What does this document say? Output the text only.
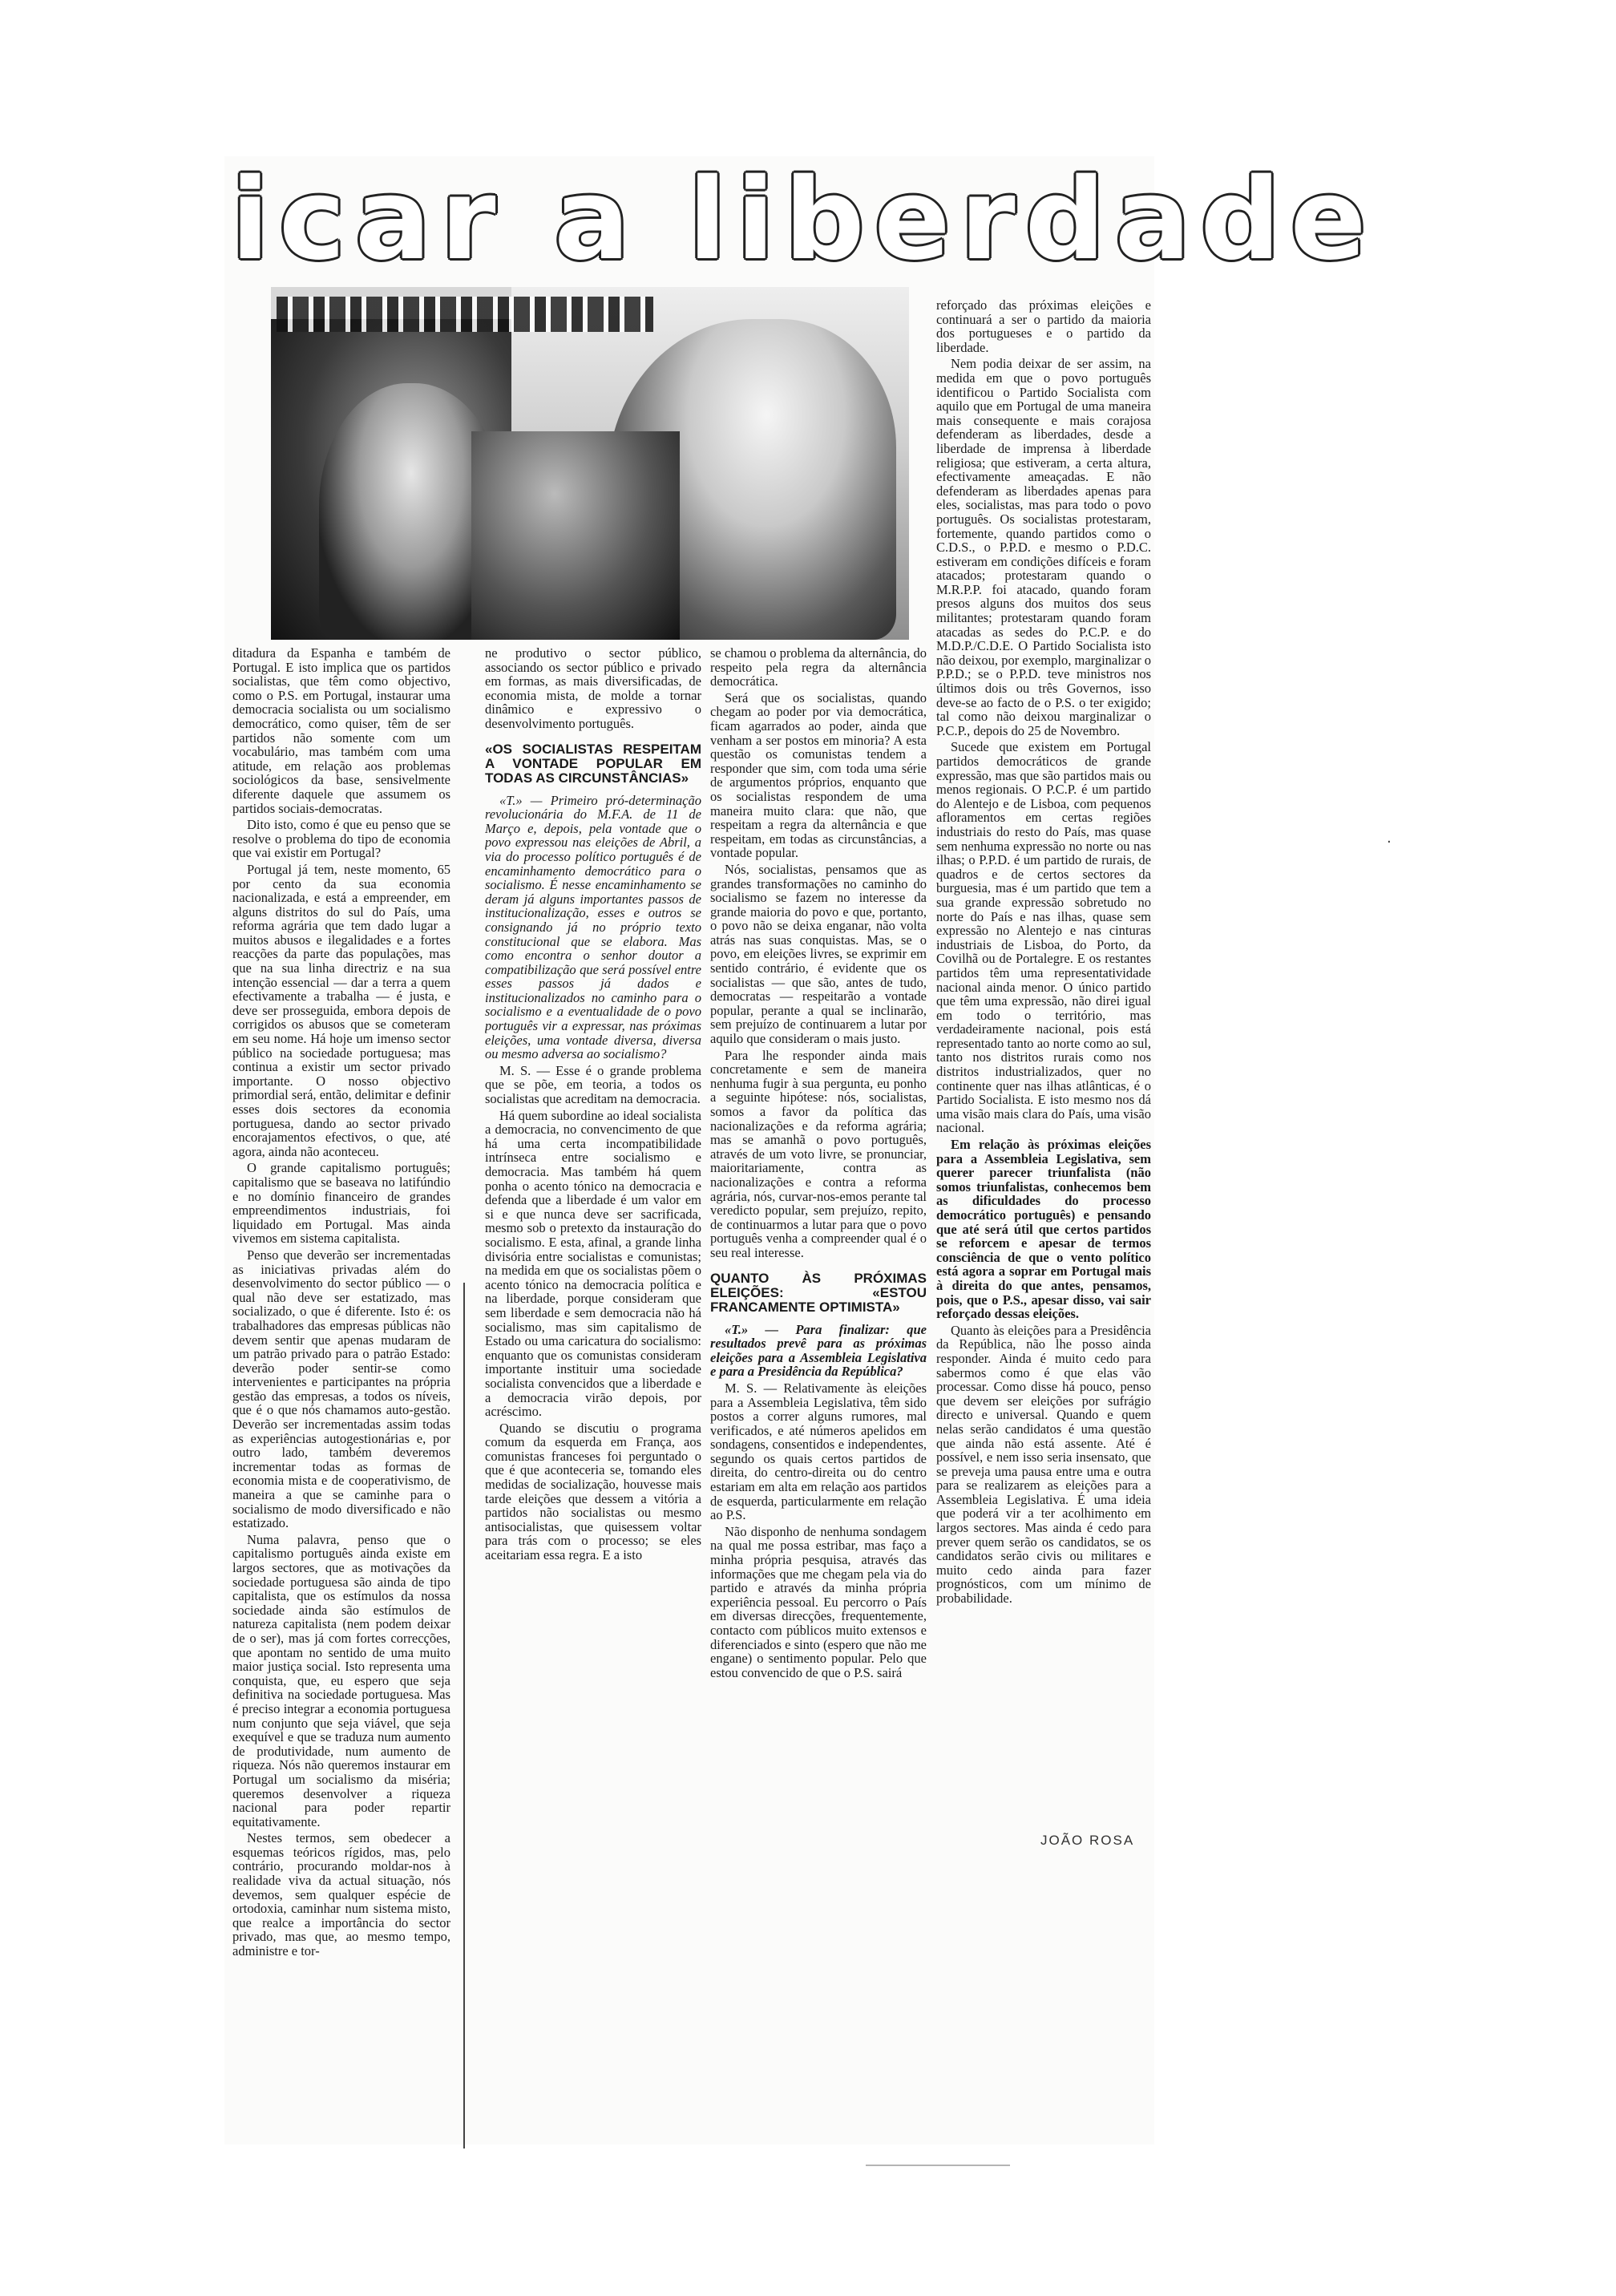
icar a liberdade

ditadura da Espanha e também de Portugal. E isto implica que os partidos socialistas, que têm como objectivo, como o P.S. em Portugal, instaurar uma democracia socialista ou um socialismo democrático, como quiser, têm de ser partidos não somente com um vocabulário, mas também com uma atitude, em relação aos problemas sociológicos da base, sensivelmente diferente daquele que assumem os partidos sociais-democratas.

Dito isto, como é que eu penso que se resolve o problema do tipo de economia que vai existir em Portugal?

Portugal já tem, neste momento, 65 por cento da sua economia nacionalizada, e está a empreender, em alguns distritos do sul do País, uma reforma agrária que tem dado lugar a muitos abusos e ilegalidades e a fortes reacções da parte das populações, mas que na sua linha directriz e na sua intenção essencial — dar a terra a quem efectivamente a trabalha — é justa, e deve ser prosseguida, embora depois de corrigidos os abusos que se cometeram em seu nome. Há hoje um imenso sector público na sociedade portuguesa; mas continua a existir um sector privado importante. O nosso objectivo primordial será, então, delimitar e definir esses dois sectores da economia portuguesa, dando ao sector privado encorajamentos efectivos, o que, até agora, ainda não aconteceu.

O grande capitalismo português; capitalismo que se baseava no latifúndio e no domínio financeiro de grandes empreendimentos industriais, foi liquidado em Portugal. Mas ainda vivemos em sistema capitalista.

Penso que deverão ser incrementadas as iniciativas privadas além do desenvolvimento do sector público — o qual não deve ser estatizado, mas socializado, o que é diferente. Isto é: os trabalhadores das empresas públicas não devem sentir que apenas mudaram de um patrão privado para o patrão Estado: deverão poder sentir-se como intervenientes e participantes na própria gestão das empresas, a todos os níveis, que é o que nós chamamos auto-gestão. Deverão ser incrementadas assim todas as experiências autogestionárias e, por outro lado, também deveremos incrementar todas as formas de economia mista e de cooperativismo, de maneira a que se caminhe para o socialismo de modo diversificado e não estatizado.

Numa palavra, penso que o capitalismo português ainda existe em largos sectores, que as motivações da sociedade portuguesa são ainda de tipo capitalista, que os estímulos da nossa sociedade ainda são estímulos de natureza capitalista (nem podem deixar de o ser), mas já com fortes correcções, que apontam no sentido de uma muito maior justiça social. Isto representa uma conquista, que, eu espero que seja definitiva na sociedade portuguesa. Mas é preciso integrar a economia portuguesa num conjunto que seja viável, que seja exequível e que se traduza num aumento de produtividade, num aumento de riqueza. Nós não queremos instaurar em Portugal um socialismo da miséria; queremos desenvolver a riqueza nacional para poder repartir equitativamente.

Nestes termos, sem obedecer a esquemas teóricos rígidos, mas, pelo contrário, procurando moldar-nos à realidade viva da actual situação, nós devemos, sem qualquer espécie de ortodoxia, caminhar num sistema misto, que realce a importância do sector privado, mas que, ao mesmo tempo, administre e tor-

ne produtivo o sector público, associando os sector público e privado em formas, as mais diversificadas, de economia mista, de molde a tornar dinâmico e expressivo o desenvolvimento português.

«OS SOCIALISTAS RESPEITAM A VONTADE POPULAR EM TODAS AS CIRCUNSTÂNCIAS»

«T.» — Primeiro pró-determinação revolucionária do M.F.A. de 11 de Março e, depois, pela vontade que o povo expressou nas eleições de Abril, a via do processo político português é de encaminhamento democrático para o socialismo. É nesse encaminhamento se deram já alguns importantes passos de institucionalização, esses e outros se consignando já no próprio texto constitucional que se elabora. Mas como encontra o senhor doutor a compatibilização que será possível entre esses passos já dados e institucionalizados no caminho para o socialismo e a eventualidade de o povo português vir a expressar, nas próximas eleições, uma vontade diversa, diversa ou mesmo adversa ao socialismo?

M. S. — Esse é o grande problema que se põe, em teoria, a todos os socialistas que acreditam na democracia.

Há quem subordine ao ideal socialista a democracia, no convencimento de que há uma certa incompatibilidade intrínseca entre socialismo e democracia. Mas também há quem ponha o acento tónico na democracia e defenda que a liberdade é um valor em si e que nunca deve ser sacrificada, mesmo sob o pretexto da instauração do socialismo. E esta, afinal, a grande linha divisória entre socialistas e comunistas; na medida em que os socialistas põem o acento tónico na democracia política e na liberdade, porque consideram que sem liberdade e sem democracia não há socialismo, mas sim capitalismo de Estado ou uma caricatura do socialismo: enquanto que os comunistas consideram importante instituir uma sociedade socialista convencidos que a liberdade e a democracia virão depois, por acréscimo.

Quando se discutiu o programa comum da esquerda em França, aos comunistas franceses foi perguntado o que é que aconteceria se, tomando eles medidas de socialização, houvesse mais tarde eleições que dessem a vitória a partidos não socialistas ou mesmo antisocialistas, que quisessem voltar para trás com o processo; se eles aceitariam essa regra. E a isto

se chamou o problema da alternância, do respeito pela regra da alternância democrática.

Será que os socialistas, quando chegam ao poder por via democrática, ficam agarrados ao poder, ainda que venham a ser postos em minoria? A esta questão os comunistas tendem a responder que sim, com toda uma série de argumentos próprios, enquanto que os socialistas respondem de uma maneira muito clara: que não, que respeitam a regra da alternância e que respeitam, em todas as circunstâncias, a vontade popular.

Nós, socialistas, pensamos que as grandes transformações no caminho do socialismo se fazem no interesse da grande maioria do povo e que, portanto, o povo não se deixa enganar, não volta atrás nas suas conquistas. Mas, se o povo, em eleições livres, se exprimir em sentido contrário, é evidente que os socialistas — que são, antes de tudo, democratas — respeitarão a vontade popular, perante a qual se inclinarão, sem prejuízo de continuarem a lutar por aquilo que consideram o mais justo.

Para lhe responder ainda mais concretamente e sem de maneira nenhuma fugir à sua pergunta, eu ponho a seguinte hipótese: nós, socialistas, somos a favor da política das nacionalizações e da reforma agrária; mas se amanhã o povo português, através de um voto livre, se pronunciar, maioritariamente, contra as nacionalizações e contra a reforma agrária, nós, curvar-nos-emos perante tal veredicto popular, sem prejuízo, repito, de continuarmos a lutar para que o povo português venha a compreender qual é o seu real interesse.

QUANTO ÀS PRÓXIMAS ELEIÇÕES: «ESTOU FRANCAMENTE OPTIMISTA»

«T.» — Para finalizar: que resultados prevê para as próximas eleições para a Assembleia Legislativa e para a Presidência da República?

M. S. — Relativamente às eleições para a Assembleia Legislativa, têm sido postos a correr alguns rumores, mal verificados, e até números apelidos em sondagens, consentidos e independentes, segundo os quais certos partidos de direita, do centro-direita ou do centro estariam em alta em relação aos partidos de esquerda, particularmente em relação ao P.S.

Não disponho de nenhuma sondagem na qual me possa estribar, mas faço a minha própria pesquisa, através das informações que me chegam pela via do partido e através da minha própria experiência pessoal. Eu percorro o País em diversas direcções, frequentemente, contacto com públicos muito extensos e diferenciados e sinto (espero que não me engane) o sentimento popular. Pelo que estou convencido de que o P.S. sairá

reforçado das próximas eleições e continuará a ser o partido da maioria dos portugueses e o partido da liberdade.

Nem podia deixar de ser assim, na medida em que o povo português identificou o Partido Socialista com aquilo que em Portugal de uma maneira mais consequente e mais corajosa defenderam as liberdades, desde a liberdade de imprensa à liberdade religiosa; que estiveram, a certa altura, efectivamente ameaçadas. E não defenderam as liberdades apenas para eles, socialistas, mas para todo o povo português. Os socialistas protestaram, fortemente, quando partidos como o C.D.S., o P.P.D. e mesmo o P.D.C. estiveram em condições difíceis e foram atacados; protestaram quando o M.R.P.P. foi atacado, quando foram presos alguns dos muitos dos seus militantes; protestaram quando foram atacadas as sedes do P.C.P. e do M.D.P./C.D.E. O Partido Socialista isto não deixou, por exemplo, marginalizar o P.P.D.; se o P.P.D. teve ministros nos últimos dois ou três Governos, isso deve-se ao facto de o P.S. o ter exigido; tal como não deixou marginalizar o P.C.P., depois do 25 de Novembro.

Sucede que existem em Portugal partidos democráticos de grande expressão, mas que são partidos mais ou menos regionais. O P.C.P. é um partido do Alentejo e de Lisboa, com pequenos afloramentos em certas regiões industriais do resto do País, mas quase sem nenhuma expressão no norte ou nas ilhas; o P.P.D. é um partido de rurais, de quadros e de certos sectores da burguesia, mas é um partido que tem a sua grande expressão sobretudo no norte do País e nas ilhas, quase sem expressão no Alentejo e nas cinturas industriais de Lisboa, do Porto, da Covilhã ou de Portalegre. E os restantes partidos têm uma representatividade nacional ainda menor. O único partido que têm uma expressão, não direi igual em todo o território, mas verdadeiramente nacional, pois está representado tanto ao norte como ao sul, tanto nos distritos rurais como nos distritos industrializados, quer no continente quer nas ilhas atlânticas, é o Partido Socialista. E isto mesmo nos dá uma visão mais clara do País, uma visão nacional.

Em relação às próximas eleições para a Assembleia Legislativa, sem querer parecer triunfalista (não somos triunfalistas, conhecemos bem as dificuldades do processo democrático português) e pensando que até será útil que certos partidos se reforcem e apesar de termos consciência de que o vento político está agora a soprar em Portugal mais à direita do que antes, pensamos, pois, que o P.S., apesar disso, vai sair reforçado dessas eleições.

Quanto às eleições para a Presidência da República, não lhe posso ainda responder. Ainda é muito cedo para sabermos como é que elas vão processar. Como disse há pouco, penso que devem ser eleições por sufrágio directo e universal. Quando e quem nelas serão candidatos é uma questão que ainda não está assente. Até é possível, e nem isso seria insensato, que se preveja uma pausa entre uma e outra para se realizarem as eleições para a Assembleia Legislativa. É uma ideia que poderá vir a ter acolhimento em largos sectores. Mas ainda é cedo para prever quem serão os candidatos, se os candidatos serão civis ou militares e muito cedo ainda para fazer prognósticos, com um mínimo de probabilidade.

JOÃO ROSA
·
